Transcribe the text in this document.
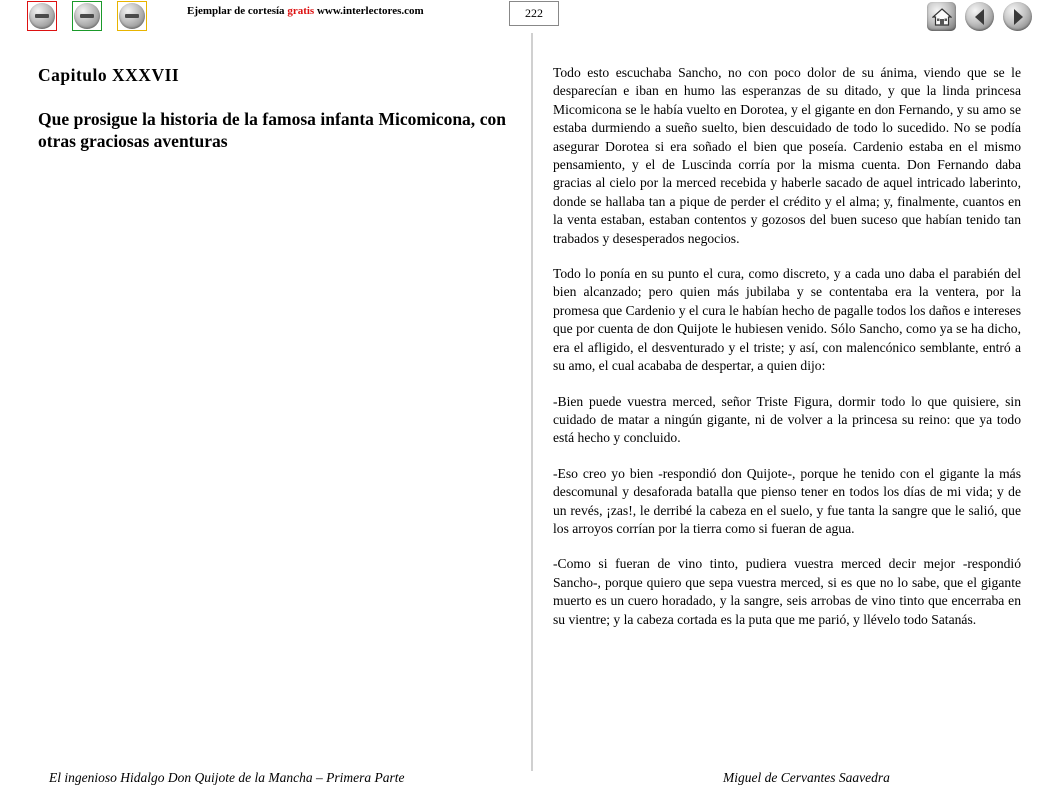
Ejemplar de cortesía gratis www.interlectores.com	222
Capitulo XXXVII
Que prosigue la historia de la famosa infanta Micomicona, con otras graciosas aventuras

Todo esto escuchaba Sancho, no con poco dolor de su ánima, viendo que se le desparecían e iban en humo las esperanzas de su ditado, y que la linda princesa Micomicona se le había vuelto en Dorotea, y el gigante en don Fernando, y su amo se estaba durmiendo a sueño suelto, bien descuidado de todo lo sucedido. No se podía asegurar Dorotea si era soñado el bien que poseía. Cardenio estaba en el mismo pensamiento, y el de Luscinda corría por la misma cuenta. Don Fernando daba gracias al cielo por la merced recebida y haberle sacado de aquel intricado laberinto, donde se hallaba tan a pique de perder el crédito y el alma; y, finalmente, cuantos en la venta estaban, estaban contentos y gozosos del buen suceso que habían tenido tan trabados y desesperados negocios.

Todo lo ponía en su punto el cura, como discreto, y a cada uno daba el parabién del bien alcanzado; pero quien más jubilaba y se contentaba era la ventera, por la promesa que Cardenio y el cura le habían hecho de pagalle todos los daños e intereses que por cuenta de don Quijote le hubiesen venido. Sólo Sancho, como ya se ha dicho, era el afligido, el desventurado y el triste; y así, con malencónico semblante, entró a su amo, el cual acababa de despertar, a quien dijo:

-Bien puede vuestra merced, señor Triste Figura, dormir todo lo que quisiere, sin cuidado de matar a ningún gigante, ni de volver a la princesa su reino: que ya todo está hecho y concluido.

-Eso creo yo bien -respondió don Quijote-, porque he tenido con el gigante la más descomunal y desaforada batalla que pienso tener en todos los días de mi vida; y de un revés, ¡zas!, le derribé la cabeza en el suelo, y fue tanta la sangre que le salió, que los arroyos corrían por la tierra como si fueran de agua.

-Como si fueran de vino tinto, pudiera vuestra merced decir mejor -respondió Sancho-, porque quiero que sepa vuestra merced, si es que no lo sabe, que el gigante muerto es un cuero horadado, y la sangre, seis arrobas de vino tinto que encerraba en su vientre; y la cabeza cortada es la puta que me parió, y llévelo todo Satanás.

El ingenioso Hidalgo Don Quijote de la Mancha – Primera Parte	Miguel de Cervantes Saavedra
